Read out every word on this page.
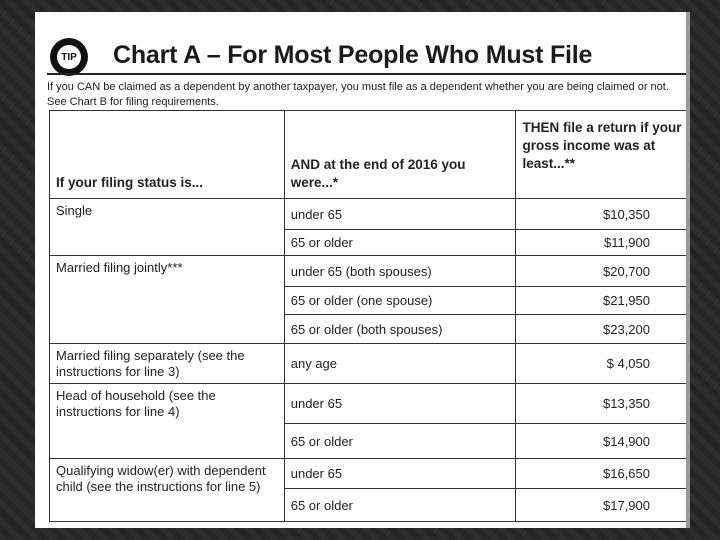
TIP	Chart A – For Most People Who Must File
If you CAN be claimed as a dependent by another taxpayer, you must file as a dependent whether you are being claimed or not. See Chart B for filing requirements.
If your filing status is...	AND at the end of 2016 you were...*	THEN file a return if your gross income was at least...**
Single	under 65	$10,350
	65 or older	$11,900
Married filing jointly***	under 65 (both spouses)	$20,700
	65 or older (one spouse)	$21,950
	65 or older (both spouses)	$23,200
Married filing separately (see the instructions for line 3)	any age	$ 4,050
Head of household (see the instructions for line 4)	under 65	$13,350
	65 or older	$14,900
Qualifying widow(er) with dependent child (see the instructions for line 5)	under 65	$16,650
	65 or older	$17,900
